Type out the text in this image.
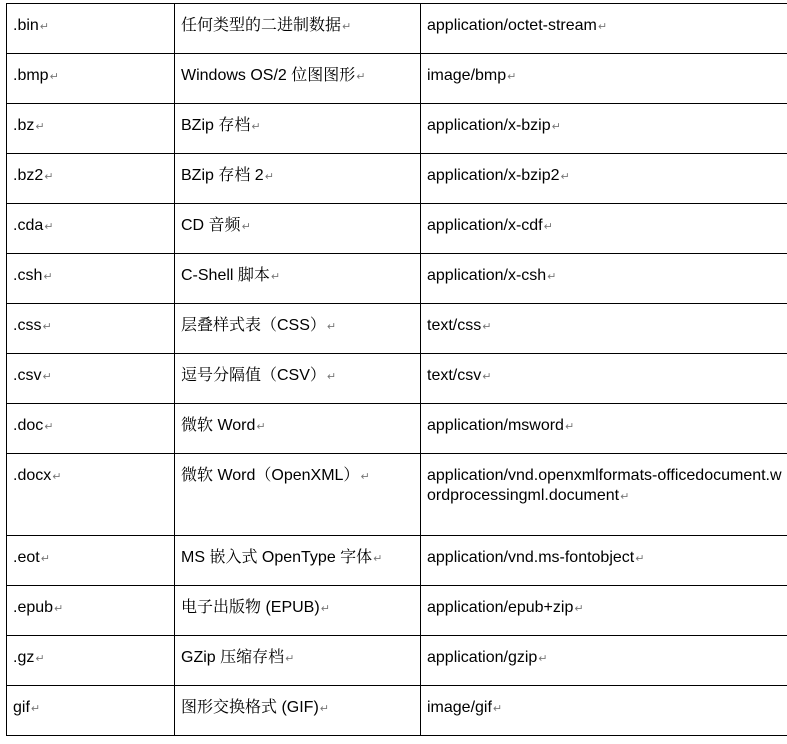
.bin↵	任何类型的二进制数据↵	application/octet-stream↵	
.bmp↵	Windows OS/2 位图图形↵	image/bmp↵	
.bz↵	BZip 存档↵	application/x-bzip↵	
.bz2↵	BZip 存档 2↵	application/x-bzip2↵	
.cda↵	CD 音频↵	application/x-cdf↵	
.csh↵	C-Shell 脚本↵	application/x-csh↵	
.css↵	层叠样式表（CSS）↵	text/css↵	
.csv↵	逗号分隔值（CSV）↵	text/csv↵	
.doc↵	微软 Word↵	application/msword↵	
.docx↵	微软 Word（OpenXML）↵	application/vnd.openxmlformats-officedocument.wordprocessingml.document↵	
.eot↵	MS 嵌入式 OpenType 字体↵	application/vnd.ms-fontobject↵	
.epub↵	电子出版物 (EPUB)↵	application/epub+zip↵	
.gz↵	GZip 压缩存档↵	application/gzip↵	
gif↵	图形交换格式 (GIF)↵	image/gif↵	
